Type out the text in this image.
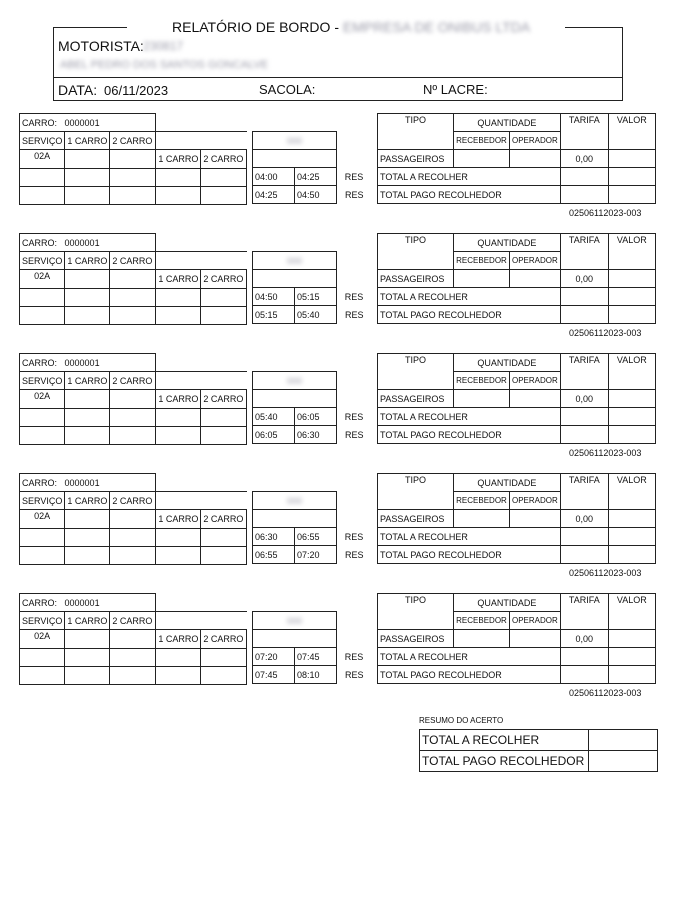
RELATÓRIO DE BORDO - EMPRESA DE ONIBUS LTDA
MOTORISTA: 230817
ABEL PEDRO DOS SANTOS GONCALVE
DATA: 06/11/2023	SACOLA:	Nº LACRE:
CARRO: 0000001				
SERVIÇO	1 CARRO	2 CARRO		
02A			1 CARRO	2 CARRO

000		

04:00	04:25	RES
04:25	04:50	RES
TIPO	QUANTIDADE		TARIFA	VALOR
	RECEBEDOR	OPERADOR		
PASSAGEIROS			0,00	
TOTAL A RECOLHER				
TOTAL PAGO RECOLHEDOR				
02506112023-003
CARRO: 0000001				
SERVIÇO	1 CARRO	2 CARRO		
02A			1 CARRO	2 CARRO

000		

04:50	05:15	RES
05:15	05:40	RES
TIPO	QUANTIDADE		TARIFA	VALOR
	RECEBEDOR	OPERADOR		
PASSAGEIROS			0,00	
TOTAL A RECOLHER				
TOTAL PAGO RECOLHEDOR				
02506112023-003
CARRO: 0000001				
SERVIÇO	1 CARRO	2 CARRO		
02A			1 CARRO	2 CARRO

000		

05:40	06:05	RES
06:05	06:30	RES
TIPO	QUANTIDADE		TARIFA	VALOR
	RECEBEDOR	OPERADOR		
PASSAGEIROS			0,00	
TOTAL A RECOLHER				
TOTAL PAGO RECOLHEDOR				
02506112023-003
CARRO: 0000001				
SERVIÇO	1 CARRO	2 CARRO		
02A			1 CARRO	2 CARRO

000		

06:30	06:55	RES
06:55	07:20	RES
TIPO	QUANTIDADE		TARIFA	VALOR
	RECEBEDOR	OPERADOR		
PASSAGEIROS			0,00	
TOTAL A RECOLHER				
TOTAL PAGO RECOLHEDOR				
02506112023-003
CARRO: 0000001				
SERVIÇO	1 CARRO	2 CARRO		
02A			1 CARRO	2 CARRO

000		

07:20	07:45	RES
07:45	08:10	RES
TIPO	QUANTIDADE		TARIFA	VALOR
	RECEBEDOR	OPERADOR		
PASSAGEIROS			0,00	
TOTAL A RECOLHER				
TOTAL PAGO RECOLHEDOR				
02506112023-003
RESUMO DO ACERTO
TOTAL A RECOLHER	
TOTAL PAGO RECOLHEDOR	
